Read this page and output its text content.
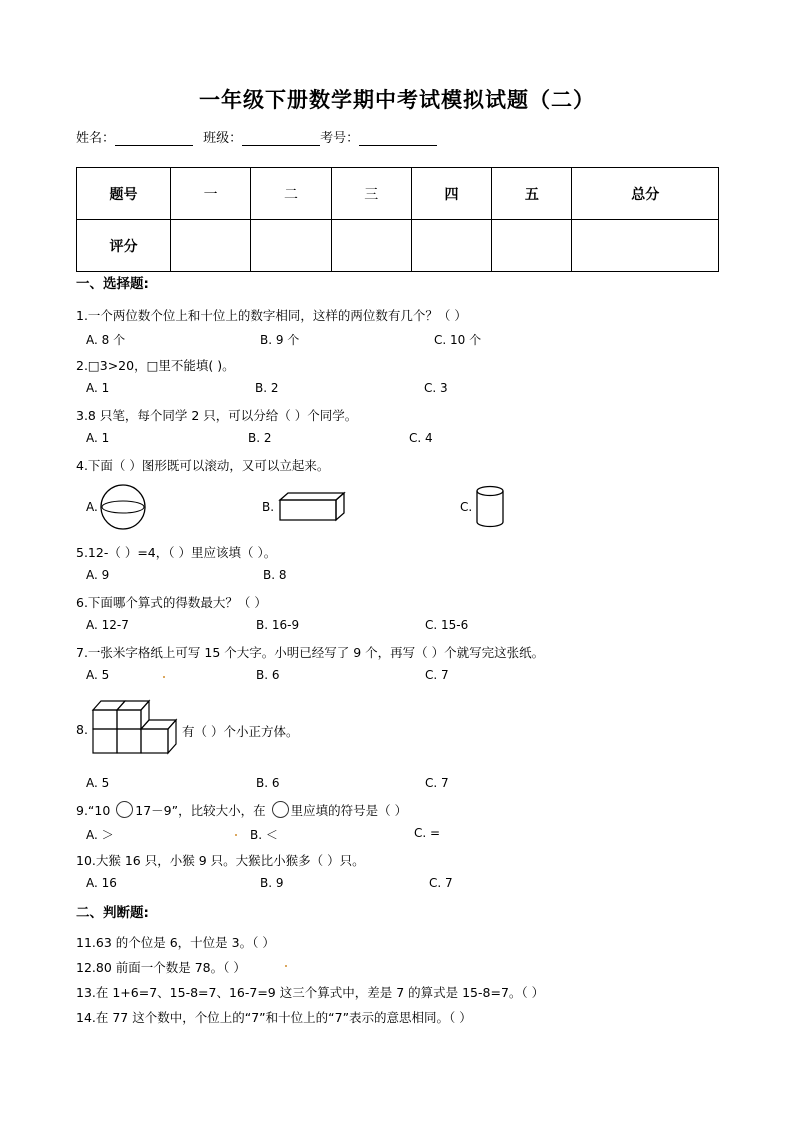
一年级下册数学期中考试模拟试题（二）
姓名：	班级：	考号：
题号	一	二	三	四	五	总分
评分						
一、选择题:
1.一个两位数个位上和十位上的数字相同，这样的两位数有几个？（ ）
A. 8 个	B. 9 个	C. 10 个
2.□3>20，□里不能填( )。
A. 1	B. 2	C. 3
3.8 只笔，每个同学 2 只，可以分给（ ）个同学。
A. 1	B. 2	C. 4
4.下面（ ）图形既可以滚动，又可以立起来。
A.	B.	C.
5.12-（ ）=4，（ ）里应该填（ ）。
A. 9	B. 8
6.下面哪个算式的得数最大？（ ）
A. 12-7	B. 16-9	C. 15-6
7.一张米字格纸上可写 15 个大字。小明已经写了 9 个，再写（ ）个就写完这张纸。
A. 5	B. 6	C. 7
8.	有（ ）个小正方体。
A. 5	B. 6	C. 7
9.“10 17－9”，比较大小，在 里应填的符号是（ ）
A. ＞	B. ＜	C. =
10.大猴 16 只，小猴 9 只。大猴比小猴多（ ）只。
A. 16	B. 9	C. 7
二、判断题:
11.63 的个位是 6，十位是 3。（ ）
12.80 前面一个数是 78。（ ）
13.在 1+6=7、15-8=7、16-7=9 这三个算式中，差是 7 的算式是 15-8=7。（ ）
14.在 77 这个数中，个位上的“7”和十位上的“7”表示的意思相同。（ ）
